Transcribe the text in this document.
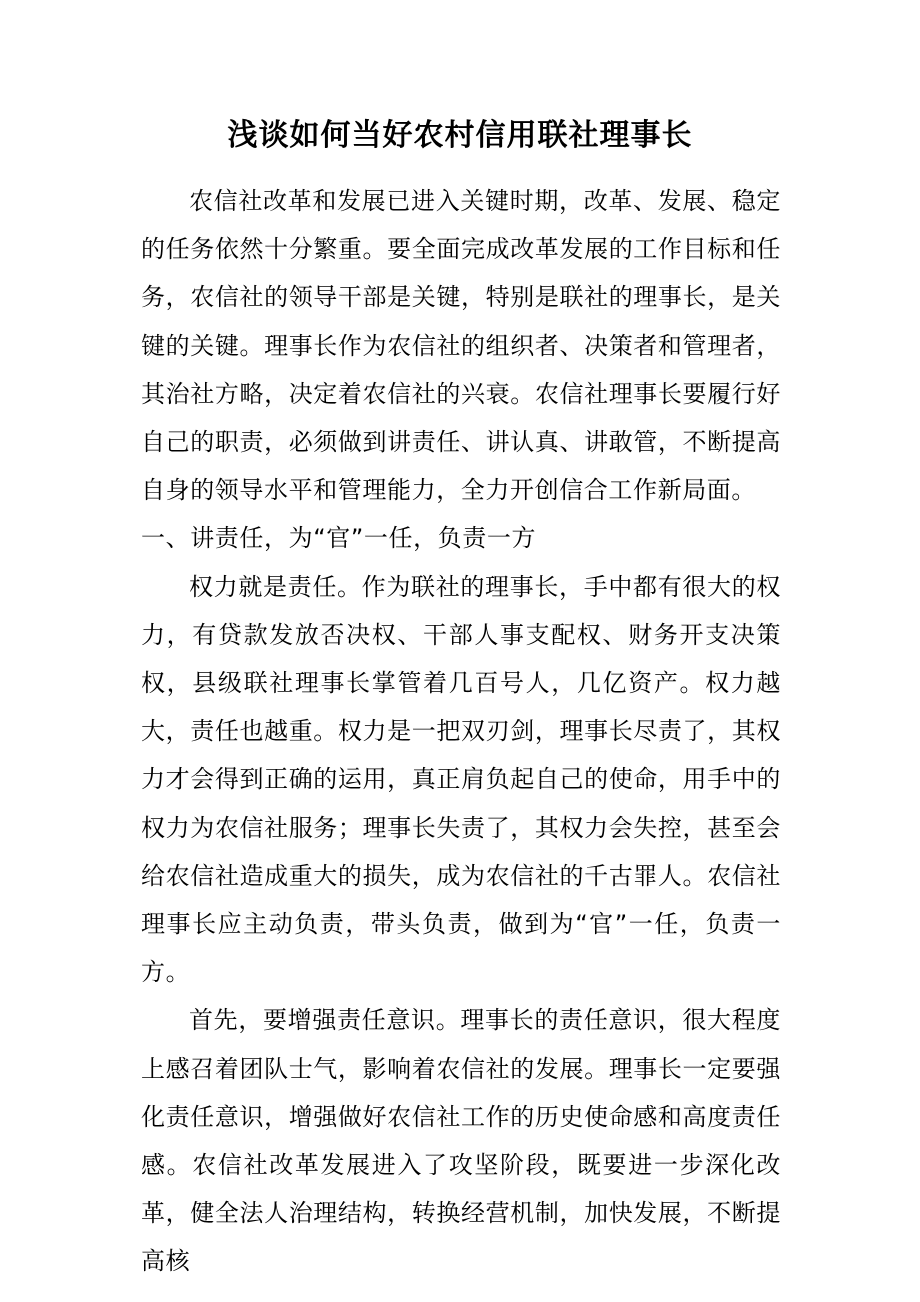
浅谈如何当好农村信用联社理事长

农信社改革和发展已进入关键时期，改革、发展、稳定的任务依然十分繁重。要全面完成改革发展的工作目标和任务，农信社的领导干部是关键，特别是联社的理事长，是关键的关键。理事长作为农信社的组织者、决策者和管理者，其治社方略，决定着农信社的兴衰。农信社理事长要履行好自己的职责，必须做到讲责任、讲认真、讲敢管，不断提高自身的领导水平和管理能力，全力开创信合工作新局面。

一、讲责任，为“官”一任，负责一方

权力就是责任。作为联社的理事长，手中都有很大的权力，有贷款发放否决权、干部人事支配权、财务开支决策权，县级联社理事长掌管着几百号人，几亿资产。权力越大，责任也越重。权力是一把双刃剑，理事长尽责了，其权力才会得到正确的运用，真正肩负起自己的使命，用手中的权力为农信社服务；理事长失责了，其权力会失控，甚至会给农信社造成重大的损失，成为农信社的千古罪人。农信社理事长应主动负责，带头负责，做到为“官”一任，负责一方。

首先，要增强责任意识。理事长的责任意识，很大程度上感召着团队士气，影响着农信社的发展。理事长一定要强化责任意识，增强做好农信社工作的历史使命感和高度责任感。农信社改革发展进入了攻坚阶段，既要进一步深化改革，健全法人治理结构，转换经营机制，加快发展，不断提高核
